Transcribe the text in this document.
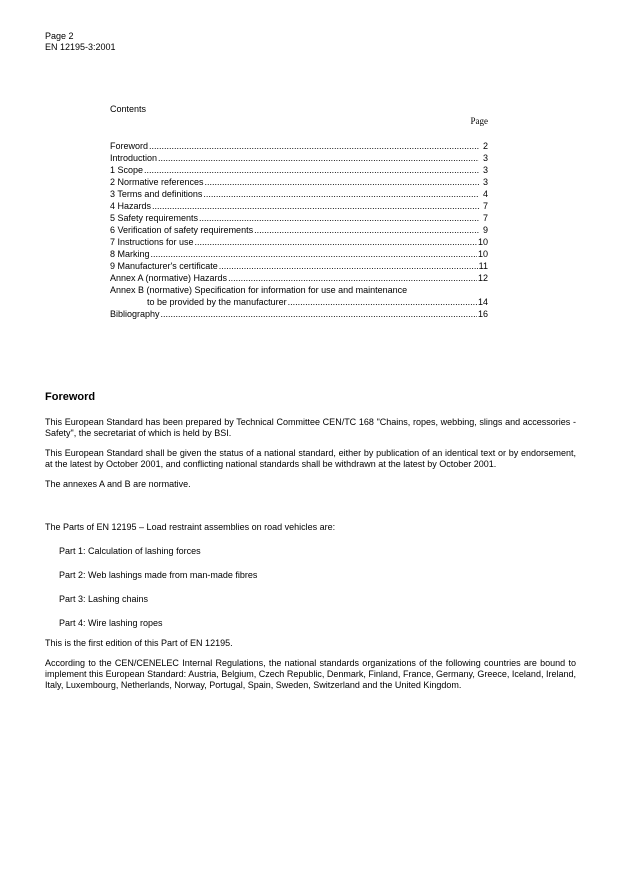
Page 2
EN 12195-3:2001
Contents
Page
Foreword .....	2
Introduction .....	3
1 Scope .....	3
2 Normative references .....	3
3 Terms and definitions .....	4
4 Hazards .....	7
5 Safety requirements .....	7
6 Verification of safety requirements .....	9
7 Instructions for use .....	10
8 Marking .....	10
9 Manufacturer's certificate .....	11
Annex A (normative) Hazards .....	12
Annex B (normative) Specification for information for use and maintenance
to be provided by the manufacturer .....	14
Bibliography .....	16
Foreword

This European Standard has been prepared by Technical Committee CEN/TC 168 "Chains, ropes, webbing, slings and accessories - Safety", the secretariat of which is held by BSI.

This European Standard shall be given the status of a national standard, either by publication of an identical text or by endorsement, at the latest by October 2001, and conflicting national standards shall be withdrawn at the latest by October 2001.

The annexes A and B are normative.

The Parts of EN 12195 – Load restraint assemblies on road vehicles are:

Part 1: Calculation of lashing forces
Part 2: Web lashings made from man-made fibres
Part 3: Lashing chains
Part 4: Wire lashing ropes

This is the first edition of this Part of EN 12195.

According to the CEN/CENELEC Internal Regulations, the national standards organizations of the following countries are bound to implement this European Standard: Austria, Belgium, Czech Republic, Denmark, Finland, France, Germany, Greece, Iceland, Ireland, Italy, Luxembourg, Netherlands, Norway, Portugal, Spain, Sweden, Switzerland and the United Kingdom.
